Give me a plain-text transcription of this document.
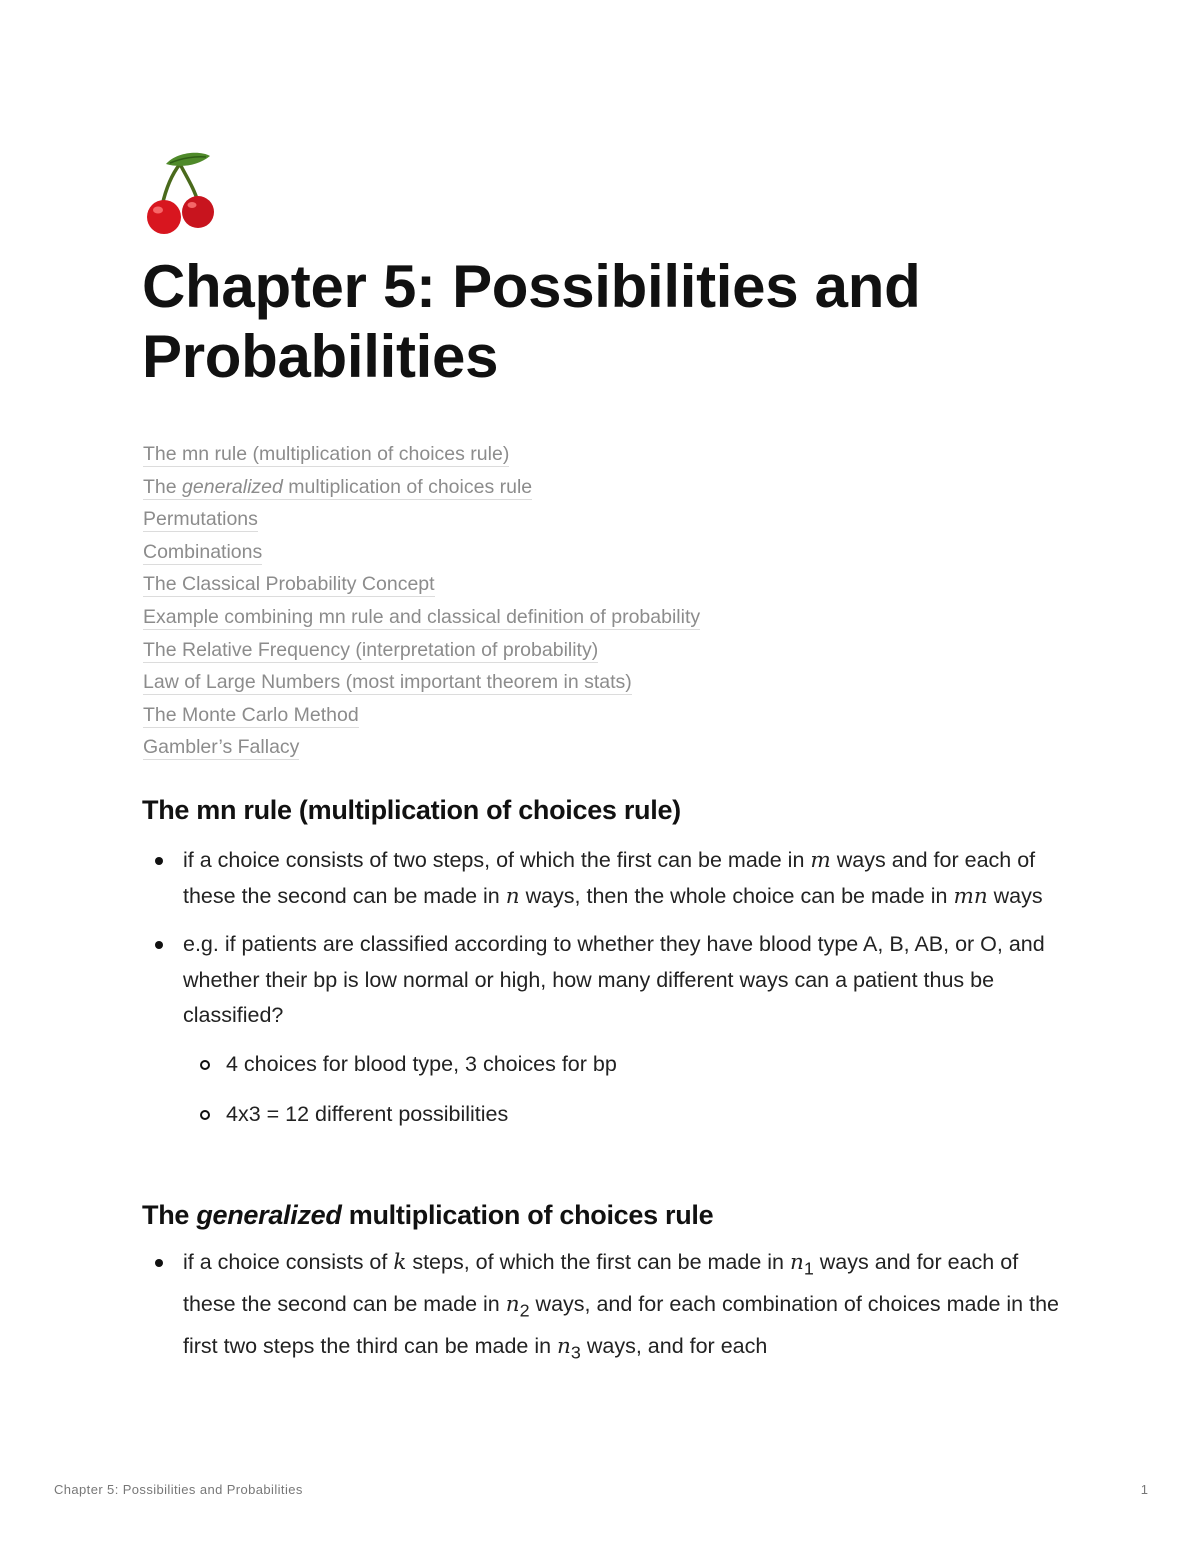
Chapter 5: Possibilities and Probabilities
The mn rule (multiplication of choices rule)
The generalized multiplication of choices rule
Permutations
Combinations
The Classical Probability Concept
Example combining mn rule and classical definition of probability
The Relative Frequency (interpretation of probability)
Law of Large Numbers (most important theorem in stats)
The Monte Carlo Method
Gambler’s Fallacy
The mn rule (multiplication of choices rule)
if a choice consists of two steps, of which the first can be made in m ways and for each of these the second can be made in n ways, then the whole choice can be made in mn ways
e.g. if patients are classified according to whether they have blood type A, B, AB, or O, and whether their bp is low normal or high, how many different ways can a patient thus be classified?
4 choices for blood type, 3 choices for bp
4x3 = 12 different possibilities
The generalized multiplication of choices rule
if a choice consists of k steps, of which the first can be made in $n_1$ ways and for each of these the second can be made in $n_2$ ways, and for each combination of choices made in the first two steps the third can be made in $n_3$ ways, and for each
Chapter 5: Possibilities and Probabilities	1
